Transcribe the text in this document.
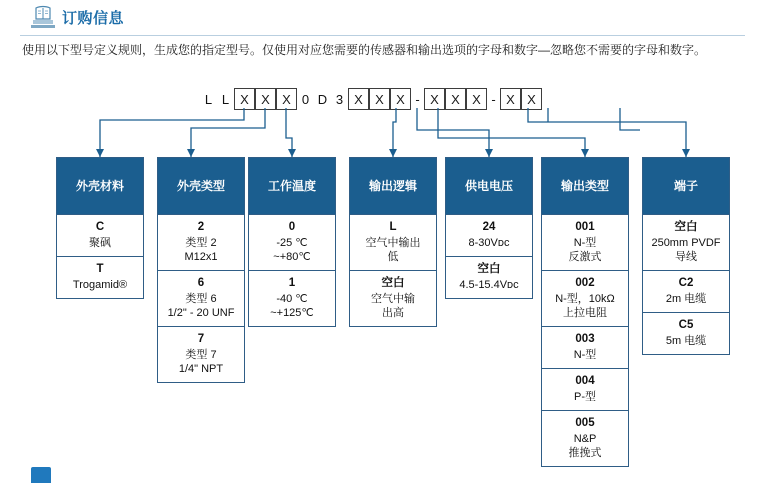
订购信息
使用以下型号定义规则，生成您的指定型号。仅使用对应您需要的传感器和输出选项的字母和数字—忽略您不需要的字母和数字。
L L X X X 0 D 3 X X X - X X X - X X
外壳材料
C
聚砜
T
Trogamid®
外壳类型
2
类型 2
M12x1
6
类型 6
1/2" - 20 UNF
7
类型 7
1/4" NPT
工作温度
0
-25 ℃
~+80℃
1
-40 ℃
~+125℃
输出逻辑
L
空气中输出
低
空白
空气中输
出高
供电电压
24
8-30Vᴅᴄ
空白
4.5-15.4Vᴅᴄ
输出类型
001
N-型
反激式
002
N-型，10kΩ
上拉电阻
003
N-型
004
P-型
005
N&P
推挽式
端子
空白
250mm PVDF
导线
C2
2m 电缆
C5
5m 电缆
